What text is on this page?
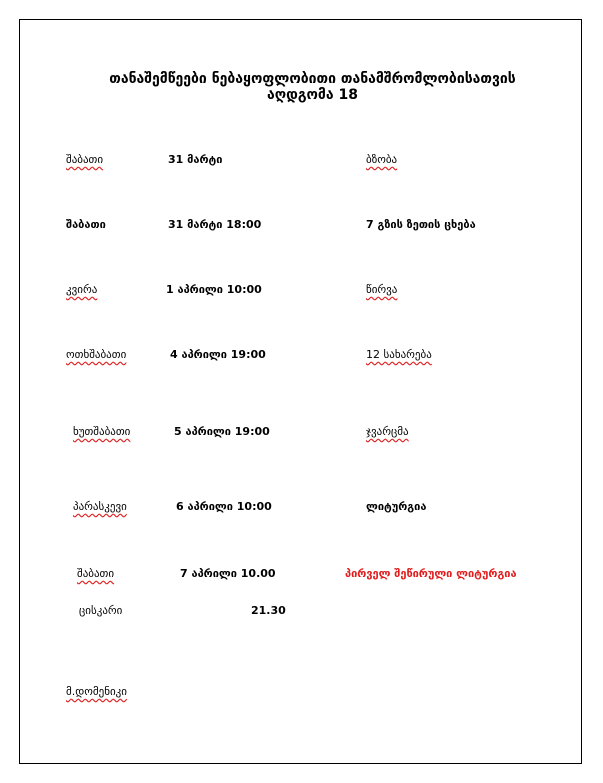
თანაშემწეები ნებაყოფლობითი თანამშრომლობისათვის
აღდგომა 18
შაბათი	31 მარტი	ბზობა
შაბათი	31 მარტი 18:00	7 გზის ზეთის ცხება
კვირა	1 აპრილი 10:00	წირვა
ოთხშაბათი	4 აპრილი 19:00	12 სახარება
ხუთშაბათი	5 აპრილი 19:00	ჯვარცმა
პარასკევი	6 აპრილი 10:00	ლიტურგია
შაბათი	7 აპრილი 10.00	პირველ შეწირული ლიტურგია
ცისკარი	21.30
მ.დომენიკი
